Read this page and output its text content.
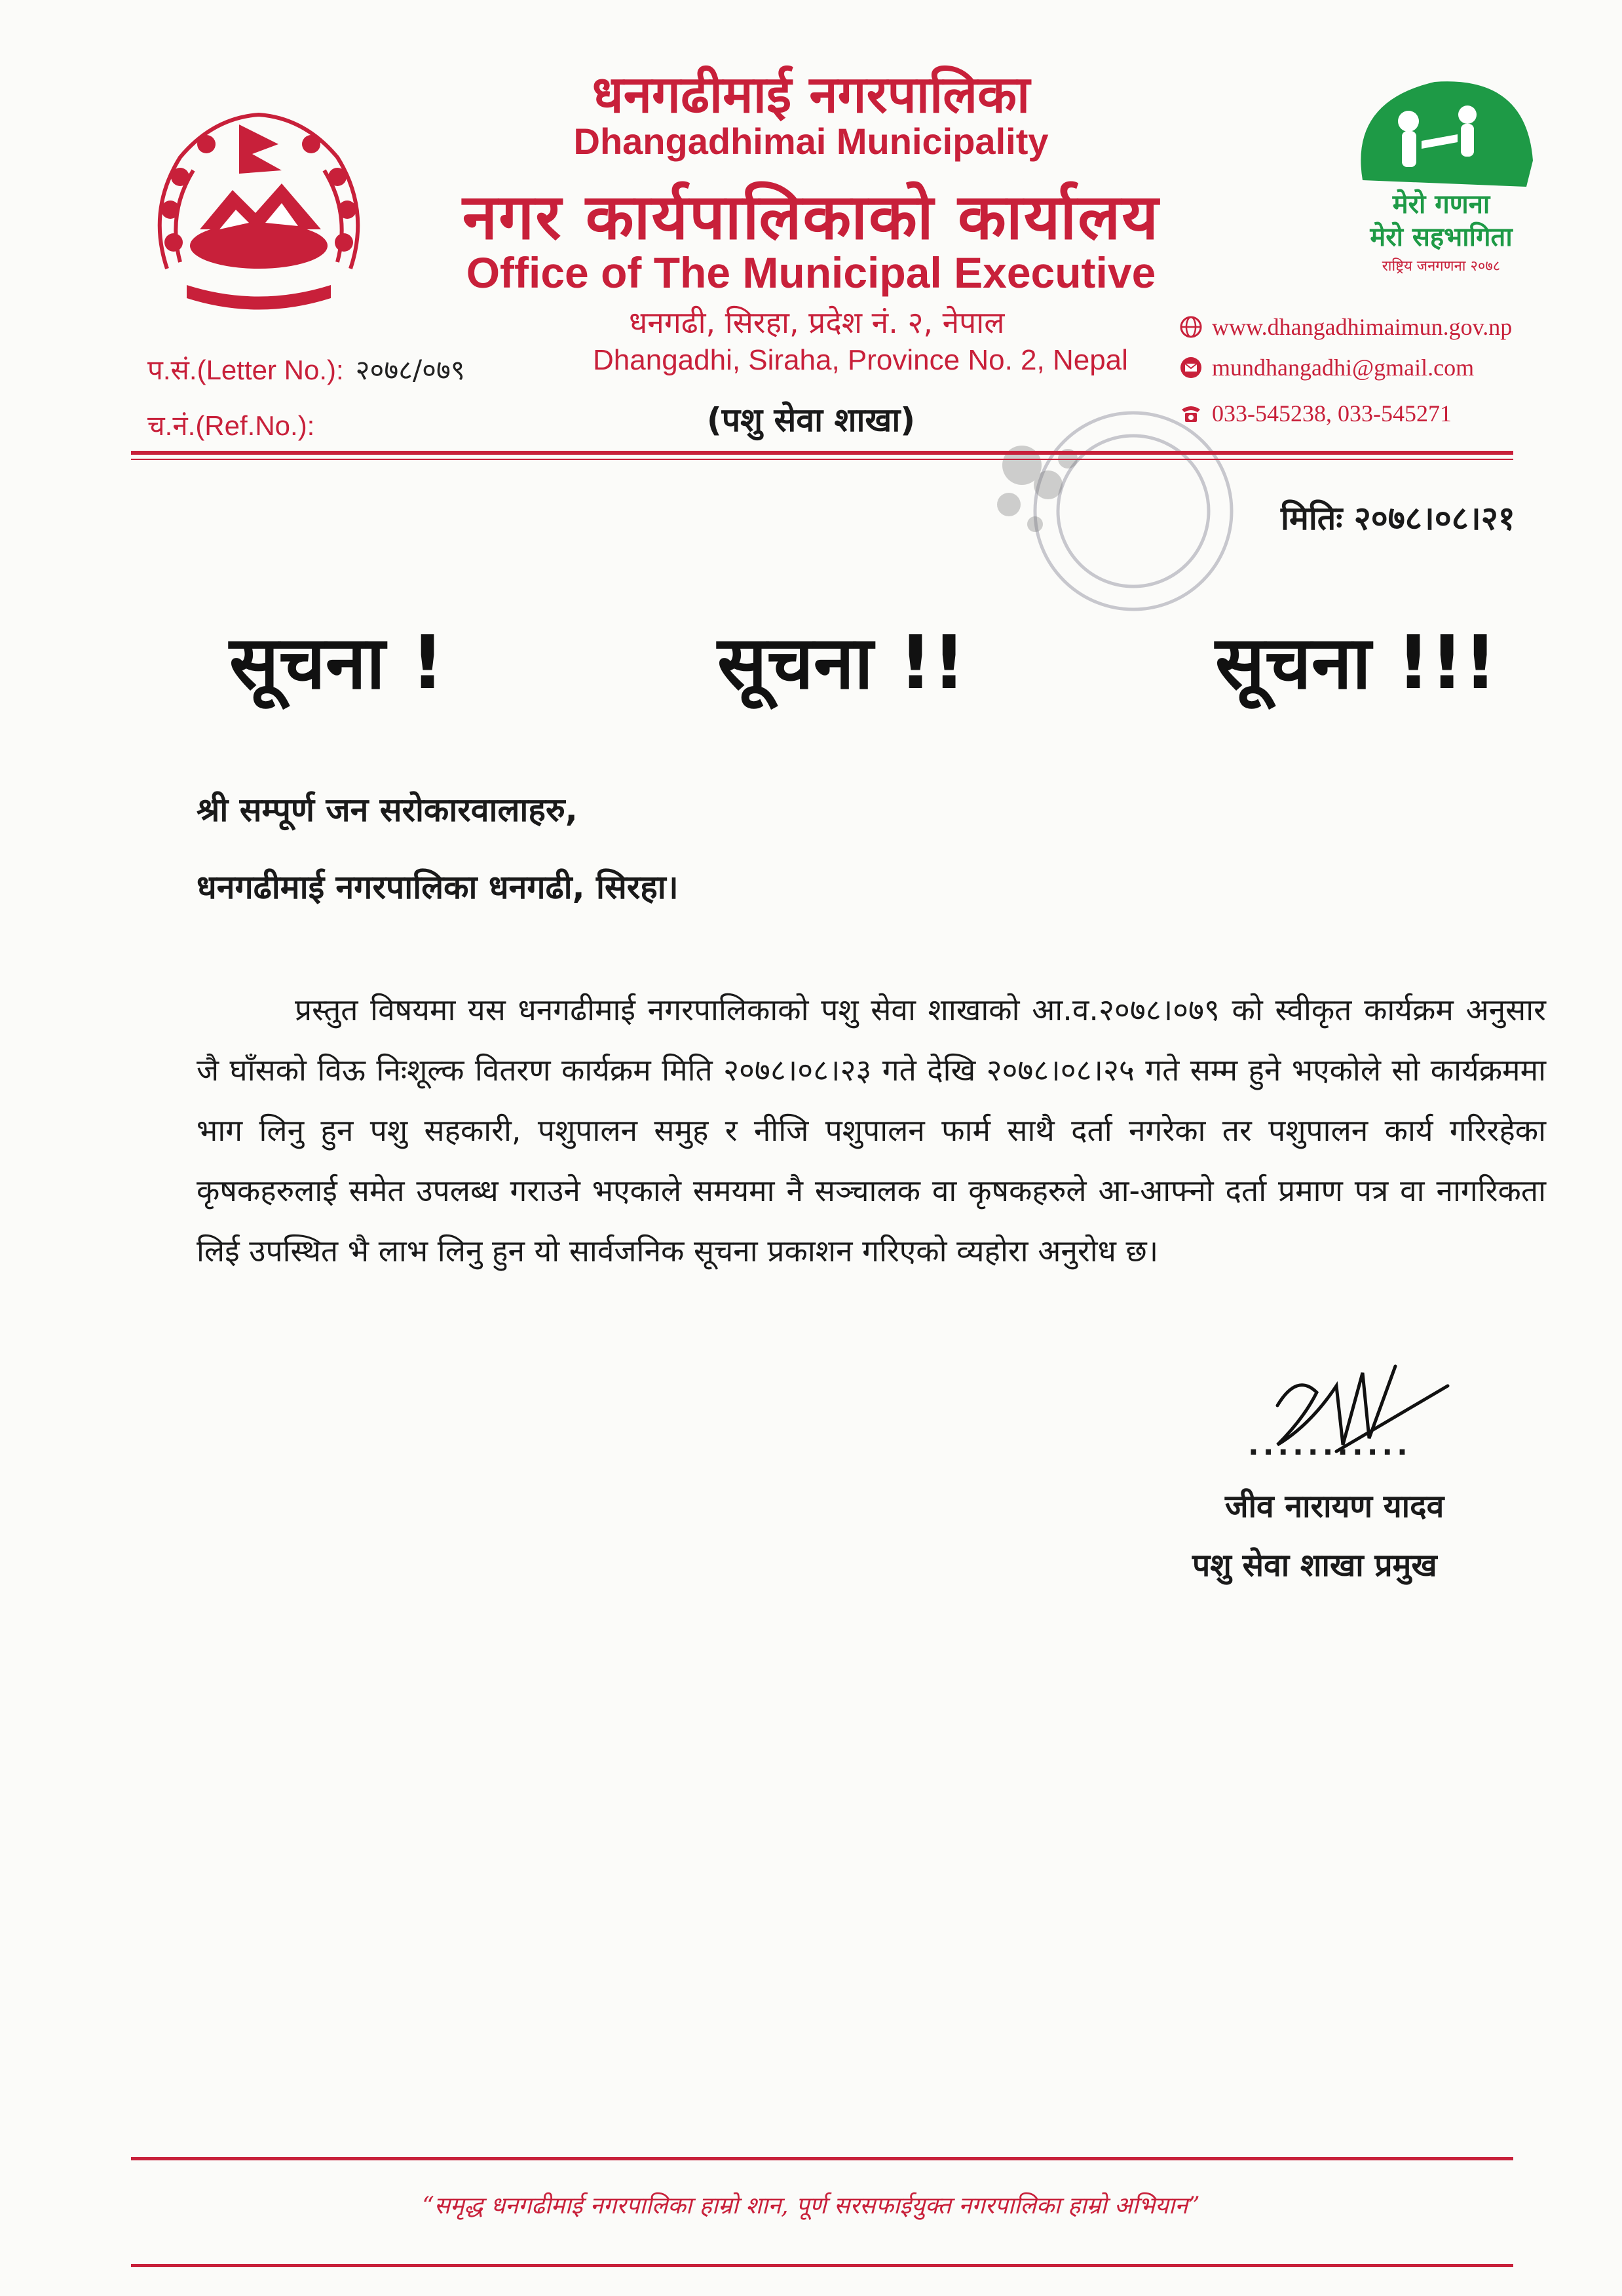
मेरो गणना
मेरो सहभागिता
राष्ट्रिय जनगणना २०७८
धनगढीमाई नगरपालिका
Dhangadhimai Municipality
नगर कार्यपालिकाको कार्यालय
Office of The Municipal Executive
धनगढी, सिरहा, प्रदेश नं. २, नेपाल
Dhangadhi, Siraha, Province No. 2, Nepal
www.dhangadhimaimun.gov.np
mundhangadhi@gmail.com
033-545238, 033-545271
प.सं.(Letter No.): २०७८/०७९
च.नं.(Ref.No.):	(पशु सेवा शाखा)
मितिः २०७८।०८।२१
सूचना !	सूचना !!	सूचना !!!
श्री सम्पूर्ण जन सरोकारवालाहरु,
धनगढीमाई नगरपालिका धनगढी, सिरहा।
प्रस्तुत विषयमा यस धनगढीमाई नगरपालिकाको पशु सेवा शाखाको आ.व.२०७८।०७९ को स्वीकृत कार्यक्रम अनुसार जै घाँसको विऊ निःशूल्क वितरण कार्यक्रम मिति २०७८।०८।२३ गते देखि २०७८।०८।२५ गते सम्म हुने भएकोले सो कार्यक्रममा भाग लिनु हुन पशु सहकारी, पशुपालन समुह र नीजि पशुपालन फार्म साथै दर्ता नगरेका तर पशुपालन कार्य गरिरहेका कृषकहरुलाई समेत उपलब्ध गराउने भएकाले समयमा नै सञ्चालक वा कृषकहरुले आ-आफ्नो दर्ता प्रमाण पत्र वा नागरिकता लिई उपस्थित भै लाभ लिनु हुन यो सार्वजनिक सूचना प्रकाशन गरिएको व्यहोरा अनुरोध छ।
...........
जीव नारायण यादव
पशु सेवा शाखा प्रमुख
“समृद्ध धनगढीमाई नगरपालिका हाम्रो शान, पूर्ण सरसफाईयुक्त नगरपालिका हाम्रो अभियान”
